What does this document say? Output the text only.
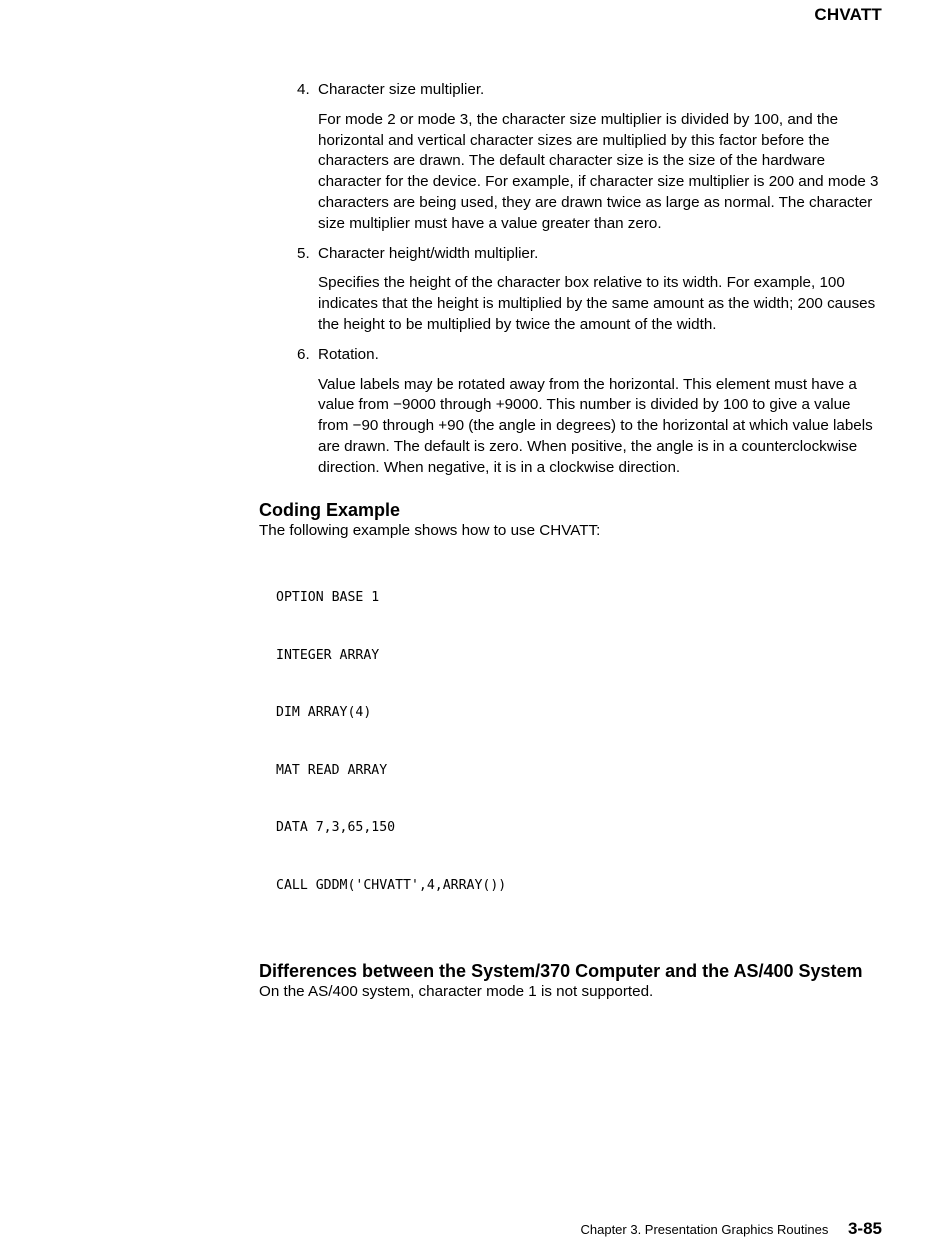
CHVATT
4. Character size multiplier.

For mode 2 or mode 3, the character size multiplier is divided by 100, and the horizontal and vertical character sizes are multiplied by this factor before the characters are drawn. The default character size is the size of the hardware character for the device. For example, if character size multiplier is 200 and mode 3 characters are being used, they are drawn twice as large as normal. The character size multiplier must have a value greater than zero.

5. Character height/width multiplier.

Specifies the height of the character box relative to its width. For example, 100 indicates that the height is multiplied by the same amount as the width; 200 causes the height to be multiplied by twice the amount of the width.

6. Rotation.

Value labels may be rotated away from the horizontal. This element must have a value from −9000 through +9000. This number is divided by 100 to give a value from −90 through +90 (the angle in degrees) to the horizontal at which value labels are drawn. The default is zero. When positive, the angle is in a counterclockwise direction. When negative, it is in a clockwise direction.

Coding Example

The following example shows how to use CHVATT:

OPTION BASE 1

INTEGER ARRAY

DIM ARRAY(4)

MAT READ ARRAY

DATA 7,3,65,150

CALL GDDM('CHVATT',4,ARRAY())

Differences between the System/370 Computer and the AS/400 System

On the AS/400 system, character mode 1 is not supported.

Chapter 3. Presentation Graphics Routines 3-85
